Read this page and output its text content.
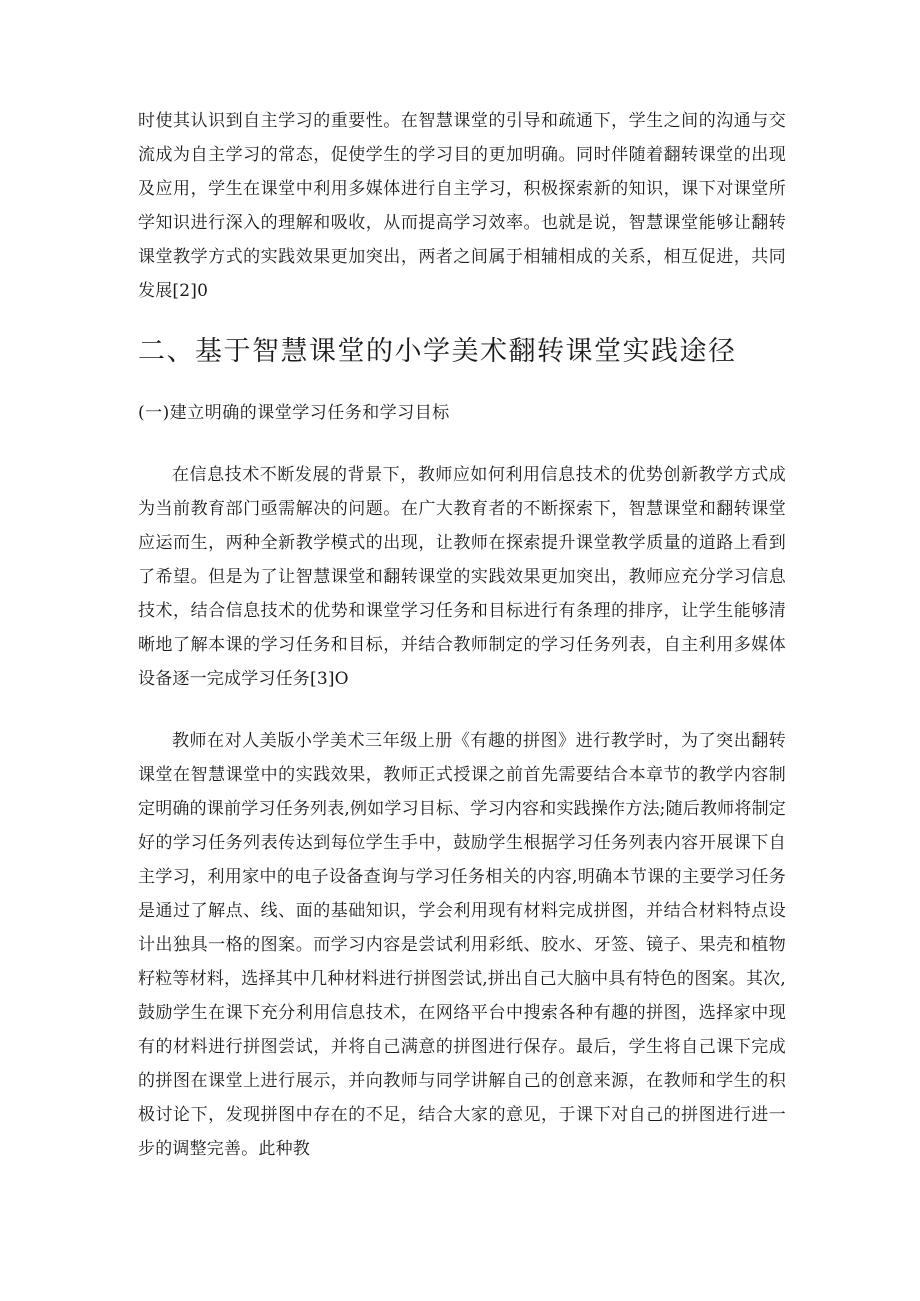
时使其认识到自主学习的重要性。在智慧课堂的引导和疏通下，学生之间的沟通与交流成为自主学习的常态，促使学生的学习目的更加明确。同时伴随着翻转课堂的出现及应用，学生在课堂中利用多媒体进行自主学习，积极探索新的知识，课下对课堂所学知识进行深入的理解和吸收，从而提高学习效率。也就是说，智慧课堂能够让翻转课堂教学方式的实践效果更加突出，两者之间属于相辅相成的关系，相互促进，共同发展[2]0

二、基于智慧课堂的小学美术翻转课堂实践途径
(一)建立明确的课堂学习任务和学习目标

在信息技术不断发展的背景下，教师应如何利用信息技术的优势创新教学方式成为当前教育部门亟需解决的问题。在广大教育者的不断探索下，智慧课堂和翻转课堂应运而生，两种全新教学模式的出现，让教师在探索提升课堂教学质量的道路上看到了希望。但是为了让智慧课堂和翻转课堂的实践效果更加突出，教师应充分学习信息技术，结合信息技术的优势和课堂学习任务和目标进行有条理的排序，让学生能够清晰地了解本课的学习任务和目标，并结合教师制定的学习任务列表，自主利用多媒体设备逐一完成学习任务[3]O

教师在对人美版小学美术三年级上册《有趣的拼图》进行教学时，为了突出翻转课堂在智慧课堂中的实践效果，教师正式授课之前首先需要结合本章节的教学内容制定明确的课前学习任务列表,例如学习目标、学习内容和实践操作方法;随后教师将制定好的学习任务列表传达到每位学生手中，鼓励学生根据学习任务列表内容开展课下自主学习，利用家中的电子设备查询与学习任务相关的内容,明确本节课的主要学习任务是通过了解点、线、面的基础知识，学会利用现有材料完成拼图，并结合材料特点设计出独具一格的图案。而学习内容是尝试利用彩纸、胶水、牙签、镜子、果壳和植物籽粒等材料，选择其中几种材料进行拼图尝试,拼出自己大脑中具有特色的图案。其次,鼓励学生在课下充分利用信息技术，在网络平台中搜索各种有趣的拼图，选择家中现有的材料进行拼图尝试，并将自己满意的拼图进行保存。最后，学生将自己课下完成的拼图在课堂上进行展示，并向教师与同学讲解自己的创意来源，在教师和学生的积极讨论下，发现拼图中存在的不足，结合大家的意见，于课下对自己的拼图进行进一步的调整完善。此种教
